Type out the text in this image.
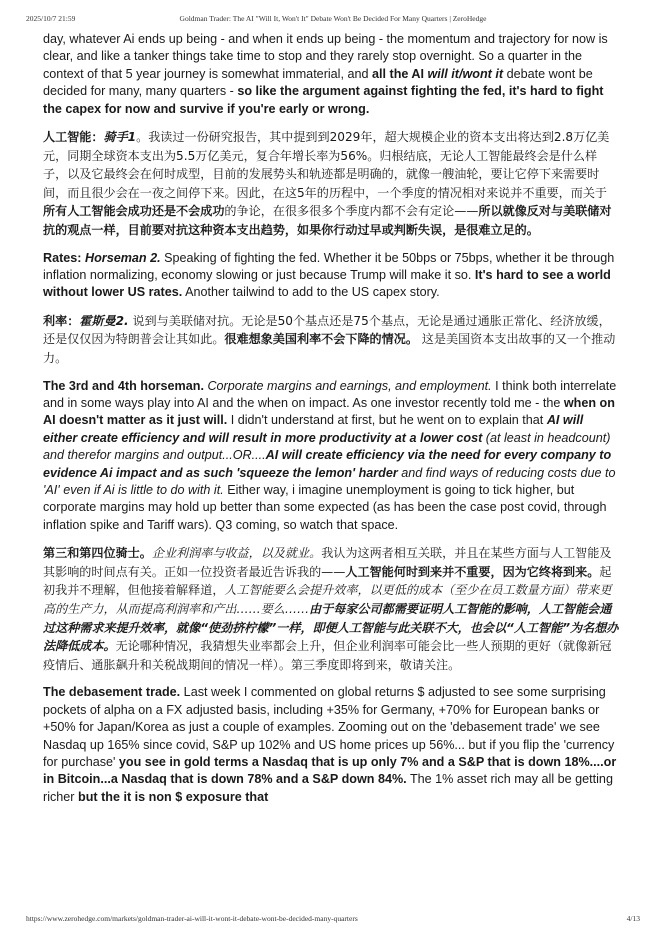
2025/10/7 21:59	Goldman Trader: The AI "Will It, Won't It" Debate Won't Be Decided For Many Quarters | ZeroHedge

day, whatever Ai ends up being - and when it ends up being - the momentum and trajectory for now is clear, and like a tanker things take time to stop and they rarely stop overnight. So a quarter in the context of that 5 year journey is somewhat immaterial, and all the AI will it/wont it debate wont be decided for many, many quarters - so like the argument against fighting the fed, it's hard to fight the capex for now and survive if you're early or wrong.

人工智能：骑手1。我读过一份研究报告，其中提到到2029年，超大规模企业的资本支出将达到2.8万亿美元，同期全球资本支出为5.5万亿美元，复合年增长率为56%。归根结底，无论人工智能最终会是什么样子，以及它最终会在何时成型，目前的发展势头和轨迹都是明确的，就像一艘油轮，要让它停下来需要时间，而且很少会在一夜之间停下来。因此，在这5年的历程中，一个季度的情况相对来说并不重要，而关于所有人工智能会成功还是不会成功的争论，在很多很多个季度内都不会有定论——所以就像反对与美联储对抗的观点一样，目前要对抗这种资本支出趋势，如果你行动过早或判断失误，是很难立足的。

Rates: Horseman 2. Speaking of fighting the fed. Whether it be 50bps or 75bps, whether it be through inflation normalizing, economy slowing or just because Trump will make it so. It's hard to see a world without lower US rates. Another tailwind to add to the US capex story.

利率：霍斯曼2. 说到与美联储对抗。无论是50个基点还是75个基点，无论是通过通胀正常化、经济放缓，还是仅仅因为特朗普会让其如此。很难想象美国利率不会下降的情况。 这是美国资本支出故事的又一个推动力。

The 3rd and 4th horseman. Corporate margins and earnings, and employment. I think both interrelate and in some ways play into AI and the when on impact. As one investor recently told me - the when on AI doesn't matter as it just will. I didn't understand at first, but he went on to explain that AI will either create efficiency and will result in more productivity at a lower cost (at least in headcount) and therefor margins and output...OR....AI will create efficiency via the need for every company to evidence Ai impact and as such 'squeeze the lemon' harder and find ways of reducing costs due to 'AI' even if Ai is little to do with it. Either way, i imagine unemployment is going to tick higher, but corporate margins may hold up better than some expected (as has been the case post covid, through inflation spike and Tariff wars). Q3 coming, so watch that space.

第三和第四位骑士。企业利润率与收益，以及就业。我认为这两者相互关联，并且在某些方面与人工智能及其影响的时间点有关。正如一位投资者最近告诉我的——人工智能何时到来并不重要，因为它终将到来。起初我并不理解，但他接着解释道，人工智能要么会提升效率，以更低的成本（至少在员工数量方面）带来更高的生产力，从而提高利润率和产出……要么……由于每家公司都需要证明人工智能的影响，人工智能会通过这种需求来提升效率，就像“使劲挤柠檬”一样，即便人工智能与此关联不大，也会以“人工智能”为名想办法降低成本。无论哪种情况，我猜想失业率都会上升，但企业利润率可能会比一些人预期的更好（就像新冠疫情后、通胀飙升和关税战期间的情况一样）。第三季度即将到来，敬请关注。

The debasement trade. Last week I commented on global returns $ adjusted to see some surprising pockets of alpha on a FX adjusted basis, including +35% for Germany, +70% for European banks or +50% for Japan/Korea as just a couple of examples. Zooming out on the 'debasement trade' we see Nasdaq up 165% since covid, S&P up 102% and US home prices up 56%... but if you flip the 'currency for purchase' you see in gold terms a Nasdaq that is up only 7% and a S&P that is down 18%....or in Bitcoin...a Nasdaq that is down 78% and a S&P down 84%. The 1% asset rich may all be getting richer but the it is non $ exposure that

https://www.zerohedge.com/markets/goldman-trader-ai-will-it-wont-it-debate-wont-be-decided-many-quarters	4/13
